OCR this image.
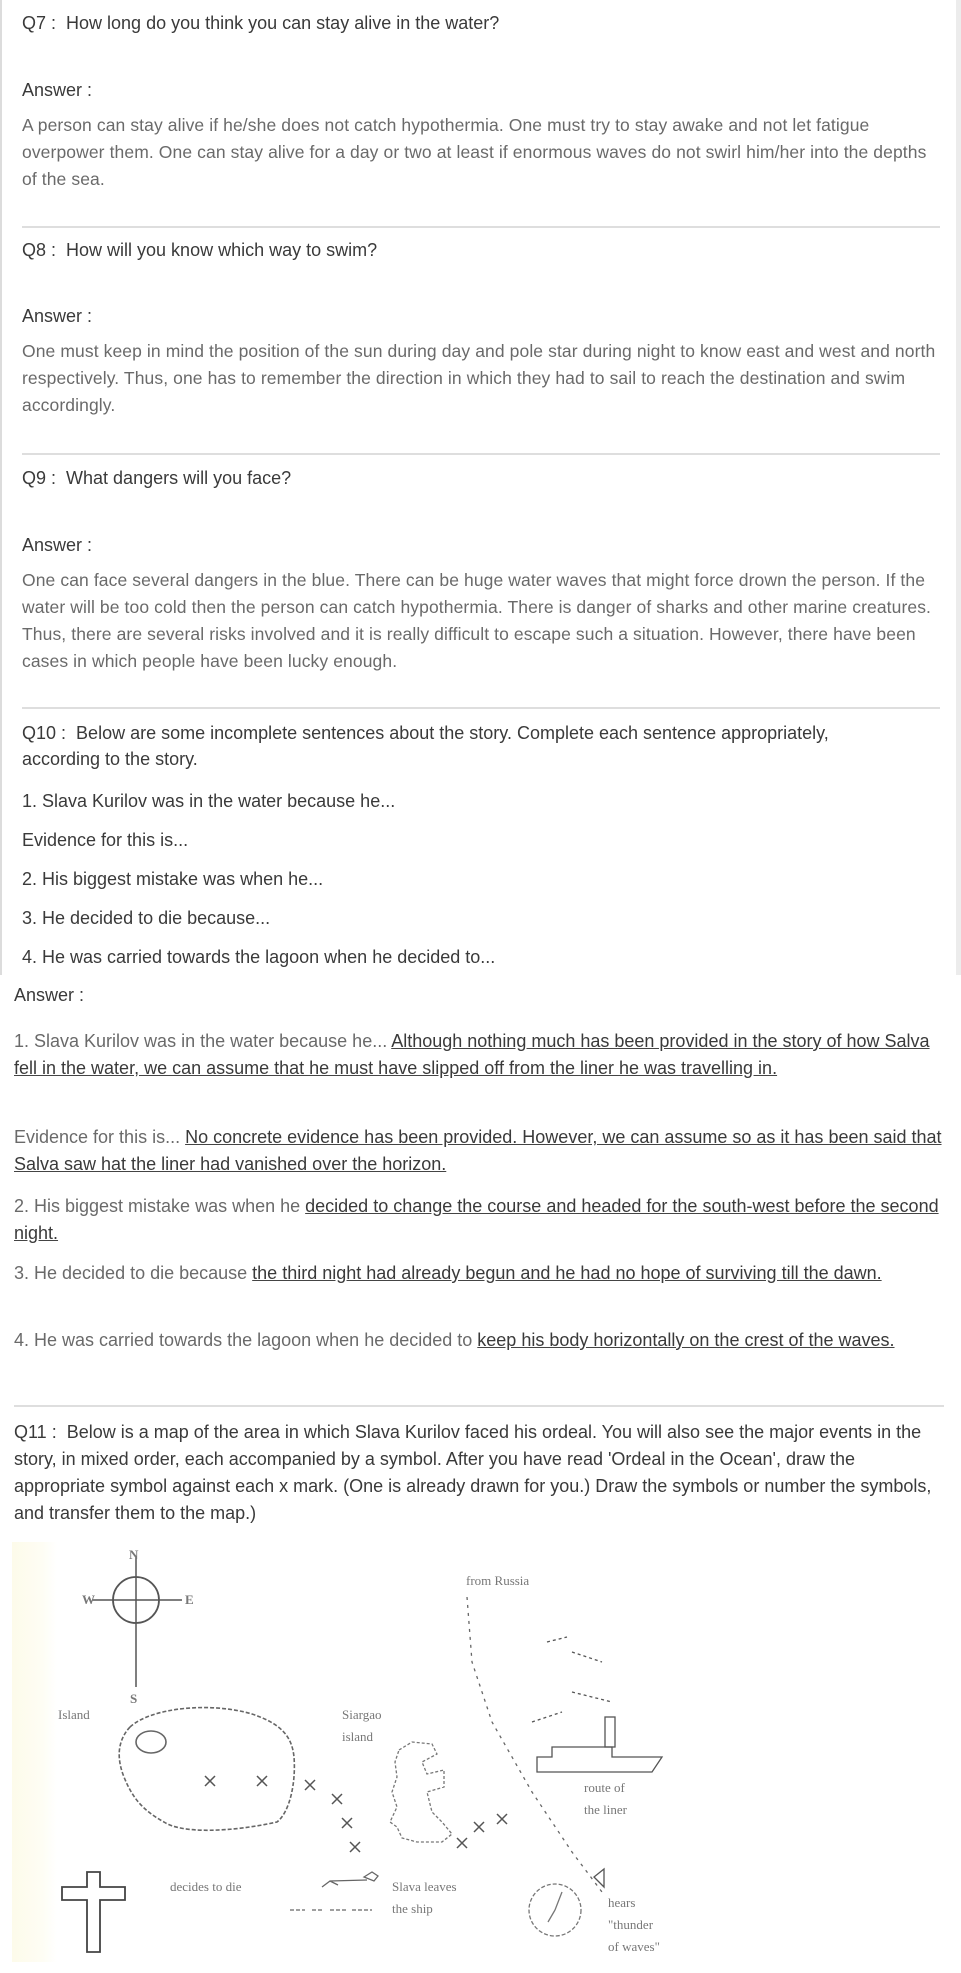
Q7 : How long do you think you can stay alive in the water?
Answer :
A person can stay alive if he/she does not catch hypothermia. One must try to stay awake and not let fatigue overpower them. One can stay alive for a day or two at least if enormous waves do not swirl him/her into the depths of the sea.
Q8 : How will you know which way to swim?
Answer :
One must keep in mind the position of the sun during day and pole star during night to know east and west and north respectively. Thus, one has to remember the direction in which they had to sail to reach the destination and swim accordingly.
Q9 : What dangers will you face?
Answer :
One can face several dangers in the blue. There can be huge water waves that might force drown the person. If the water will be too cold then the person can catch hypothermia. There is danger of sharks and other marine creatures. Thus, there are several risks involved and it is really difficult to escape such a situation. However, there have been cases in which people have been lucky enough.
Q10 : Below are some incomplete sentences about the story. Complete each sentence appropriately, according to the story.
1. Slava Kurilov was in the water because he...
Evidence for this is...
2. His biggest mistake was when he...
3. He decided to die because...
4. He was carried towards the lagoon when he decided to...
Answer :
1. Slava Kurilov was in the water because he... Although nothing much has been provided in the story of how Salva fell in the water, we can assume that he must have slipped off from the liner he was travelling in.
Evidence for this is... No concrete evidence has been provided. However, we can assume so as it has been said that Salva saw hat the liner had vanished over the horizon.
2. His biggest mistake was when he decided to change the course and headed for the south-west before the second night.
3. He decided to die because the third night had already begun and he had no hope of surviving till the dawn.
4. He was carried towards the lagoon when he decided to keep his body horizontally on the crest of the waves.
Q11 : Below is a map of the area in which Slava Kurilov faced his ordeal. You will also see the major events in the story, in mixed order, each accompanied by a symbol. After you have read 'Ordeal in the Ocean', draw the appropriate symbol against each x mark. (One is already drawn for you.) Draw the symbols or number the symbols, and transfer them to the map.)
N
W	E
S
Island	Siargao
island
from Russia
route of
the liner
decides to die	Slava leaves
the ship	hears
"thunder
of waves"
